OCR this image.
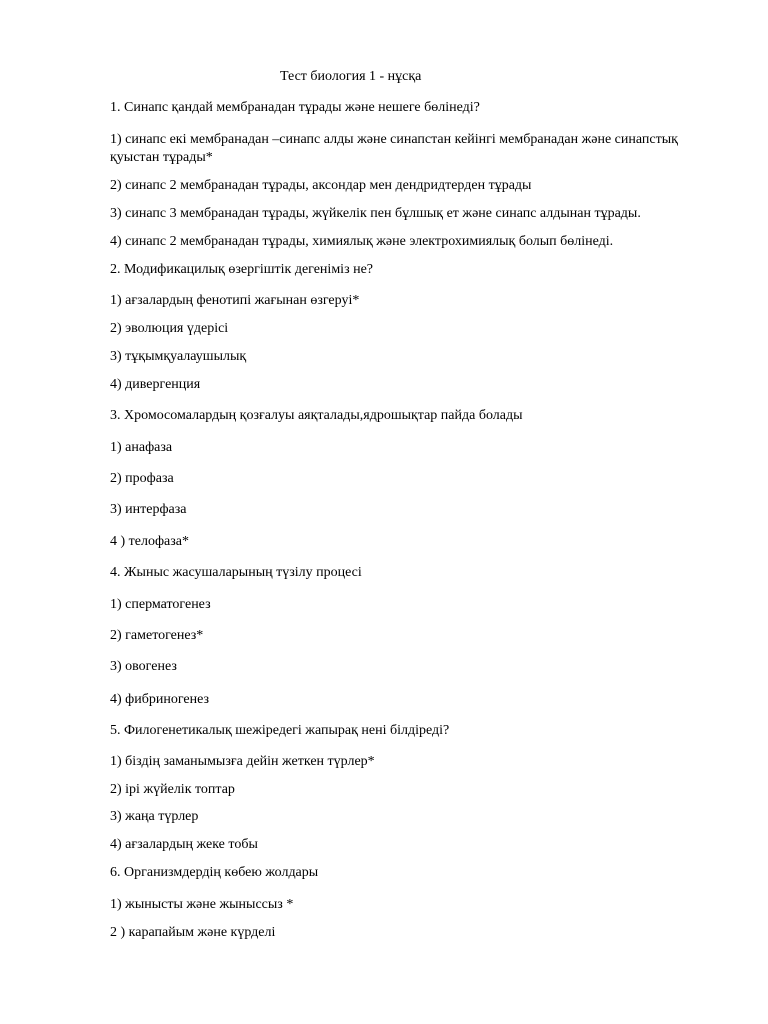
Тест биология 1 - нұсқа
1. Синапс қандай мембранадан тұрады және нешеге бөлінеді?
1) синапс екі мембранадан –синапс алды және синапстан кейінгі мембранадан және синапстық қуыстан тұрады*
2) синапс 2 мембранадан тұрады, аксондар мен дендридтерден тұрады
3) синапс 3 мембранадан тұрады, жүйкелік пен бұлшық ет және синапс алдынан тұрады.
4) синапс 2 мембранадан тұрады, химиялық және электрохимиялық болып бөлінеді.
2. Модификацилық өзергіштік дегеніміз не?
1) ағзалардың фенотипі жағынан өзгеруі*
2) эволюция үдерісі
3) тұқымқуалаушылық
4) дивергенция
3. Хромосомалардың қозғалуы аяқталады,ядрошықтар пайда болады
1) анафаза
2) профаза
3) интерфаза
4 ) телофаза*
4. Жыныс жасушаларының түзілу процесі
1) сперматогенез
2) гаметогенез*
3) овогенез
4) фибриногенез
5. Филогенетикалық шежіредегі жапырақ нені білдіреді?
1) біздің заманымызға дейін жеткен түрлер*
2) ірі жүйелік топтар
3) жаңа түрлер
4) ағзалардың жеке тобы
6. Организмдердің көбею жолдары
1) жынысты және жыныссыз *
2 ) карапайым және күрделі
